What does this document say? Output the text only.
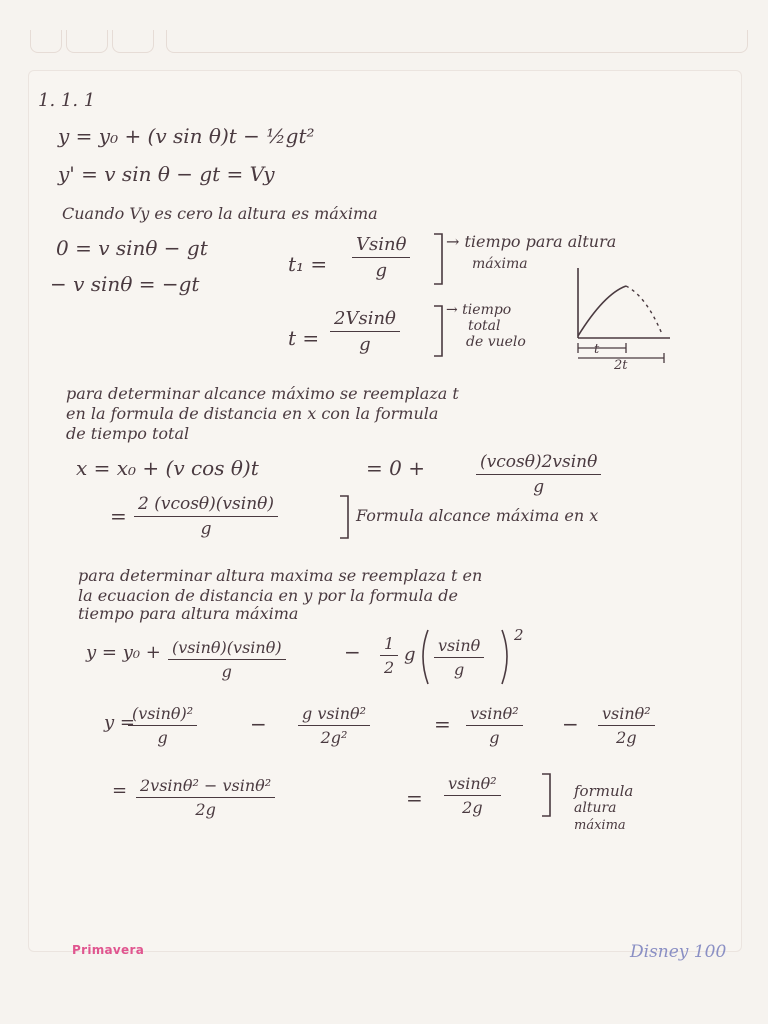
1. 1. 1

y = y₀ + (v sin θ)t − ½gt²

y' = v sin θ − gt = Vy

Cuando Vy es cero la altura es máxima

0 = v sinθ − gt

− v sinθ = −gt

$t_1 = \frac{Vsin\theta}{g}$ → tiempo para altura

máxima

$t = \frac{2Vsin\theta}{g}$	→ tiempo

total

de vuelo	t

2t

para determinar alcance máximo se reemplaza t

en la formula de distancia en x con la formula

de tiempo total

x = x₀ + (v cos θ)t	= 0 +	$\frac{(vcos\theta)2vsin\theta}{g}$

= $\frac{2 (vcos\theta)(vsin\theta)}{g}$	Formula alcance máxima en x

para determinar altura maxima se reemplaza t en

la ecuacion de distancia en y por la formula de

tiempo para altura máxima

$y = y_0 + \frac{(vsin\theta)(vsin\theta)}{g}$	− $\frac{1}{2}$ g $\frac{vsin\theta}{g}$

2

y =

$\frac{\text{(vsinθ)²}}{g}$	− $\frac{\text{g vsinθ²}}{\text{2g²}}$	= $\frac{\text{vsinθ²}}{g} - \frac{\text{vsinθ²}}{2g}$

= $\frac{\text{2vsinθ² − vsinθ²}}{2g}$	= $\frac{\text{vsinθ²}}{2g}$	formula

altura

máxima

Primavera	Disney 100
